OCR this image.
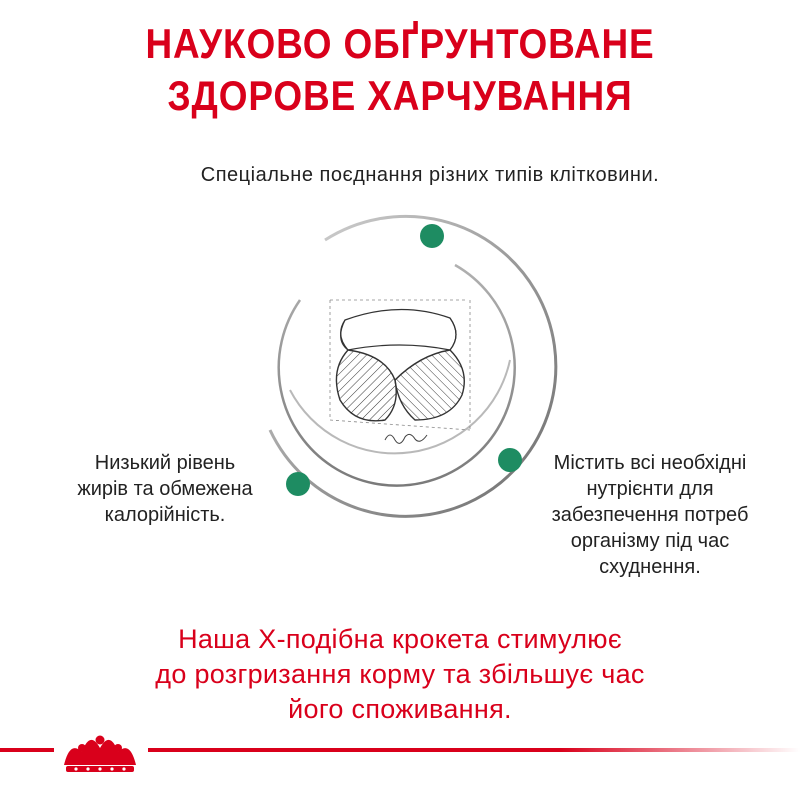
НАУКОВО ОБҐРУНТОВАНЕ
ЗДОРОВЕ ХАРЧУВАННЯ
Спеціальне поєднання різних типів клітковини.
Низький рівень
жирів та обмежена
калорійність.
Містить всі необхідні
нутрієнти для
забезпечення потреб
організму під час
схуднення.
Наша Х-подібна крокета стимулює
до розгризання корму та збільшує час
його споживання.
